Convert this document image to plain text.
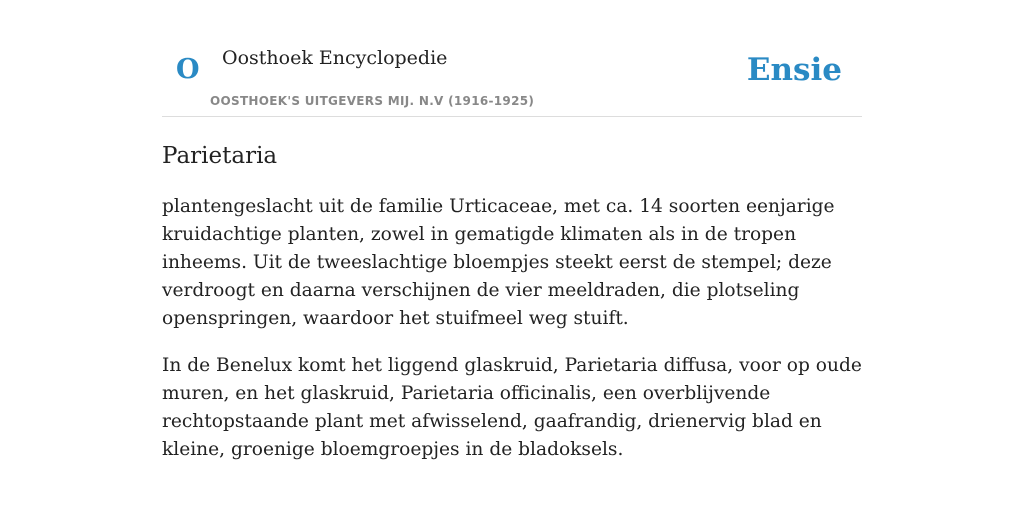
O Oosthoek Encyclopedie
OOSTHOEK'S UITGEVERS MIJ. N.V (1916-1925)
Ensie
Parietaria

plantengeslacht uit de familie Urticaceae, met ca. 14 soorten eenjarige kruidachtige planten, zowel in gematigde klimaten als in de tropen inheems. Uit de tweeslachtige bloempjes steekt eerst de stempel; deze verdroogt en daarna verschijnen de vier meeldraden, die plotseling openspringen, waardoor het stuifmeel weg stuift.

In de Benelux komt het liggend glaskruid, Parietaria diffusa, voor op oude muren, en het glaskruid, Parietaria officinalis, een overblijvende rechtopstaande plant met afwisselend, gaafrandig, drienervig blad en kleine, groenige bloemgroepjes in de bladoksels.
